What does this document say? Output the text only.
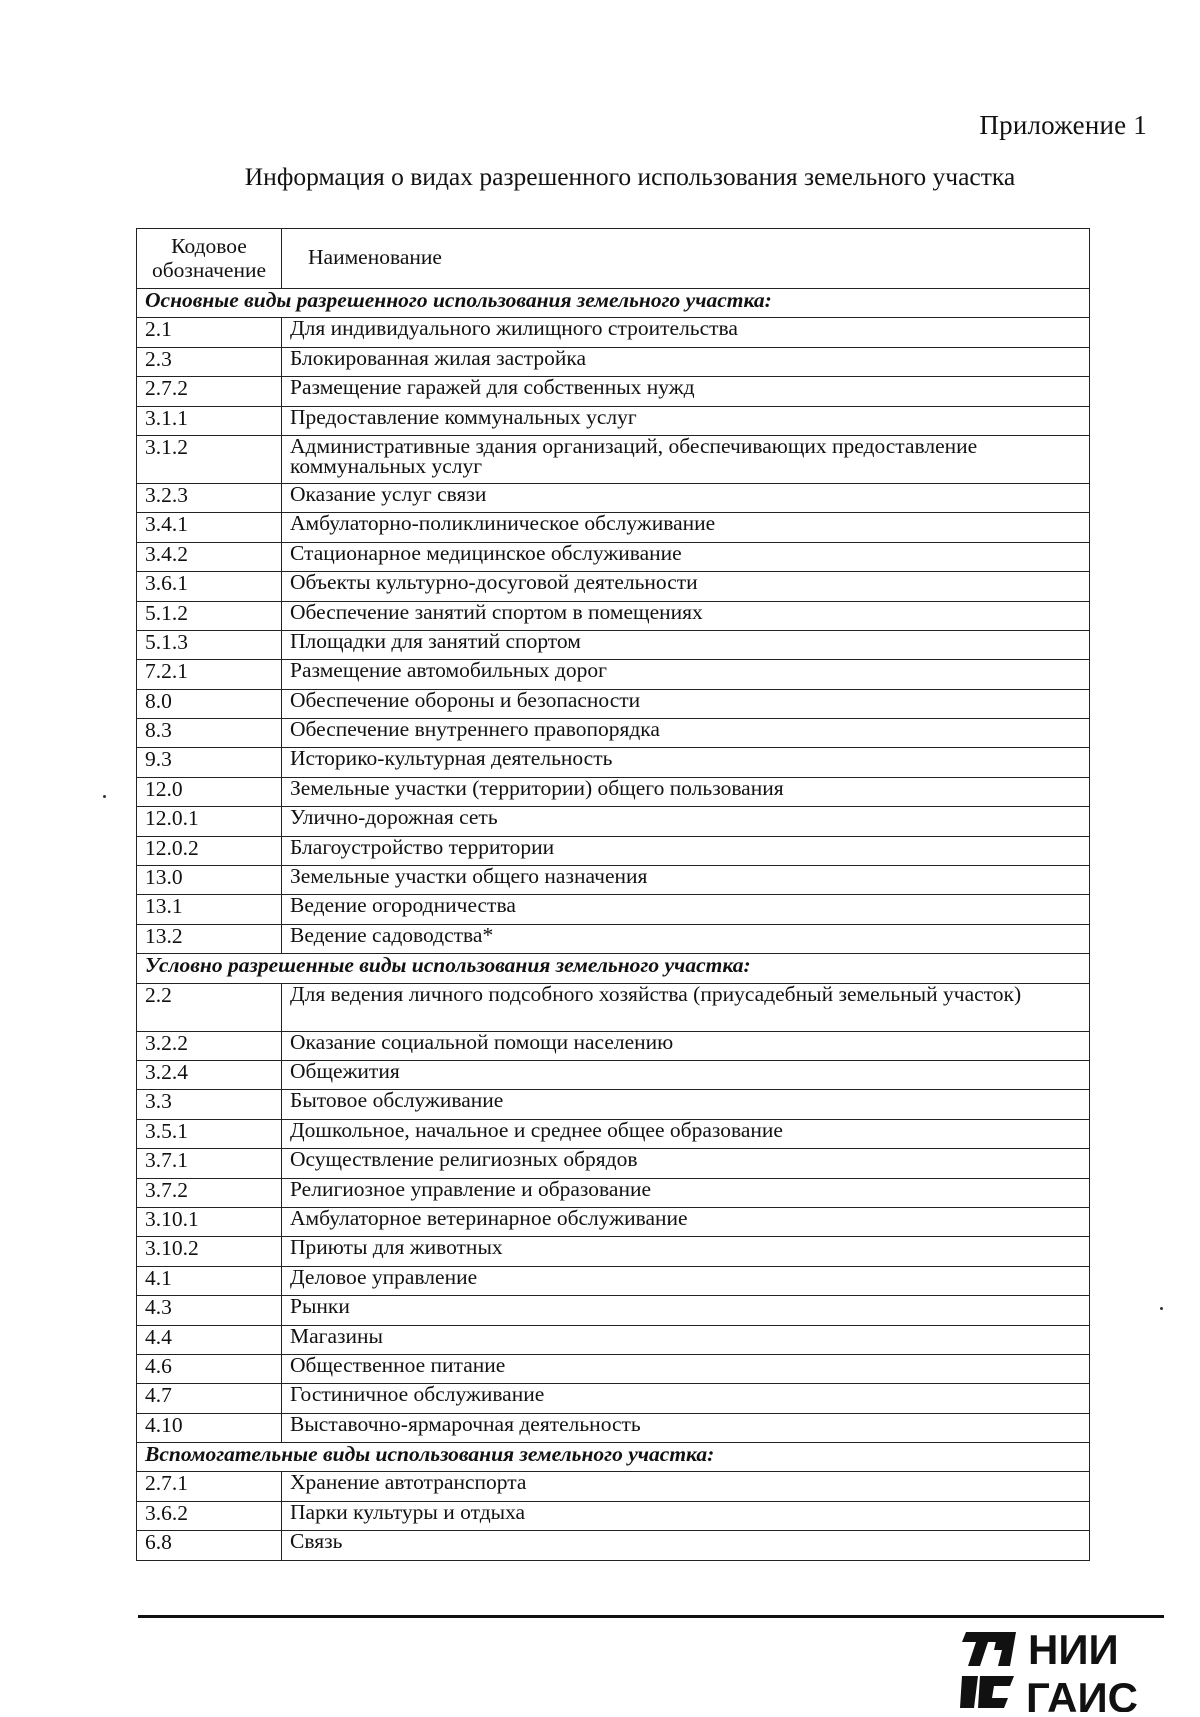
Приложение 1
Информация о видах разрешенного использования земельного участка
Кодовое обозначение	Наименование
Основные виды разрешенного использования земельного участка:	
2.1	Для индивидуального жилищного строительства
2.3	Блокированная жилая застройка
2.7.2	Размещение гаражей для собственных нужд
3.1.1	Предоставление коммунальных услуг
3.1.2	Административные здания организаций, обеспечивающих предоставление коммунальных услуг
3.2.3	Оказание услуг связи
3.4.1	Амбулаторно-поликлиническое обслуживание
3.4.2	Стационарное медицинское обслуживание
3.6.1	Объекты культурно-досуговой деятельности
5.1.2	Обеспечение занятий спортом в помещениях
5.1.3	Площадки для занятий спортом
7.2.1	Размещение автомобильных дорог
8.0	Обеспечение обороны и безопасности
8.3	Обеспечение внутреннего правопорядка
9.3	Историко-культурная деятельность
12.0	Земельные участки (территории) общего пользования
12.0.1	Улично-дорожная сеть
12.0.2	Благоустройство территории
13.0	Земельные участки общего назначения
13.1	Ведение огородничества
13.2	Ведение садоводства*
Условно разрешенные виды использования земельного участка:	
2.2	Для ведения личного подсобного хозяйства (приусадебный земельный участок)
3.2.2	Оказание социальной помощи населению
3.2.4	Общежития
3.3	Бытовое обслуживание
3.5.1	Дошкольное, начальное и среднее общее образование
3.7.1	Осуществление религиозных обрядов
3.7.2	Религиозное управление и образование
3.10.1	Амбулаторное ветеринарное обслуживание
3.10.2	Приюты для животных
4.1	Деловое управление
4.3	Рынки
4.4	Магазины
4.6	Общественное питание
4.7	Гостиничное обслуживание
4.10	Выставочно-ярмарочная деятельность
Вспомогательные виды использования земельного участка:	
2.7.1	Хранение автотранспорта
3.6.2	Парки культуры и отдыха
6.8	Связь
НИИ
ГАИС
